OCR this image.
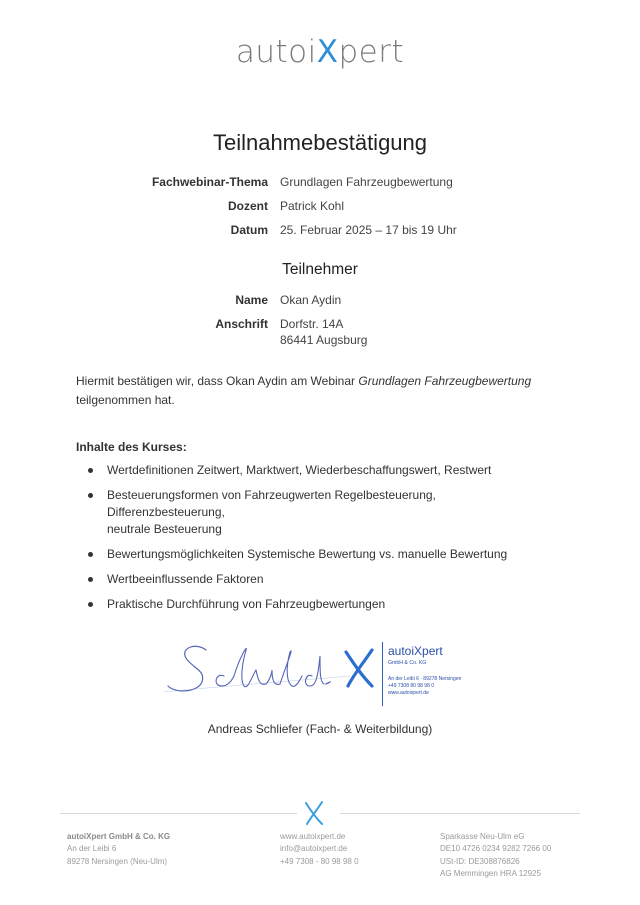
autoiXpert
Teilnahmebestätigung
Fachwebinar-Thema Grundlagen Fahrzeugbewertung
Dozent Patrick Kohl
Datum 25. Februar 2025 – 17 bis 19 Uhr
Teilnehmer
Name Okan Aydin
Anschrift Dorfstr. 14A
86441 Augsburg
Hiermit bestätigen wir, dass Okan Aydin am Webinar Grundlagen Fahrzeugbewertung
teilgenommen hat.
Inhalte des Kurses:
Wertdefinitionen Zeitwert, Marktwert, Wiederbeschaffungswert, Restwert
Besteuerungsformen von Fahrzeugwerten Regelbesteuerung, Differenzbesteuerung,
neutrale Besteuerung
Bewertungsmöglichkeiten Systemische Bewertung vs. manuelle Bewertung
Wertbeeinflussende Faktoren
Praktische Durchführung von Fahrzeugbewertungen
autoiXpert
GmbH & Co. KG
An der Leibi 6 · 89278 Nersingen
+49 7308 80 98 98 0
www.autoixpert.de
Andreas Schliefer (Fach- & Weiterbildung)
autoiXpert GmbH & Co. KG
An der Leibi 6
89278 Nersingen (Neu-Ulm)
www.autoixpert.de
info@autoixpert.de
+49 7308 - 80 98 98 0
Sparkasse Neu-Ulm eG
DE10 4726 0234 9282 7266 00
USt-ID: DE308876826
AG Memmingen HRA 12925
